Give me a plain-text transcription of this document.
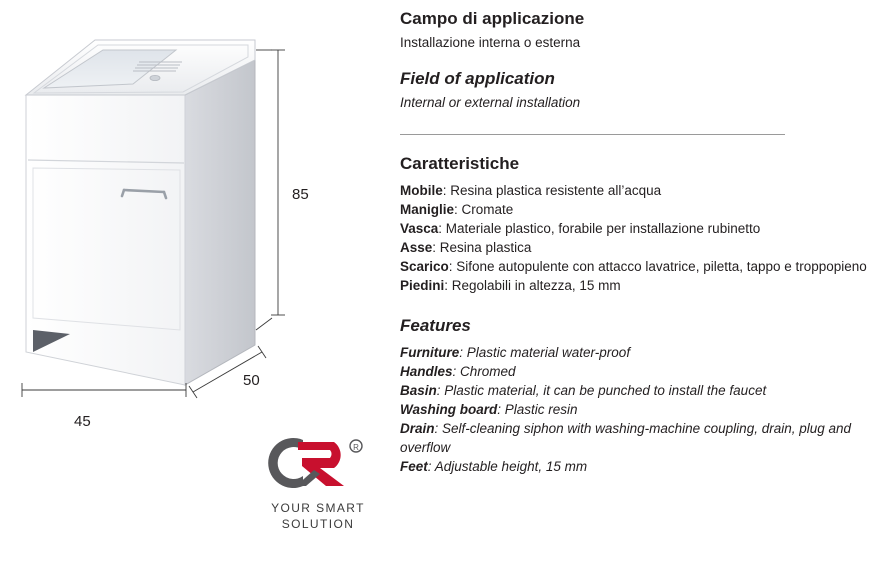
85
50
45
R
YOUR SMART
SOLUTION
Campo di applicazione

Installazione interna o esterna

Field of application

Internal or external installation

Caratteristiche
Mobile: Resina plastica resistente all’acqua
Maniglie: Cromate
Vasca: Materiale plastico, forabile per installazione rubinetto
Asse: Resina plastica
Scarico: Sifone autopulente con attacco lavatrice, piletta, tappo e troppopieno
Piedini: Regolabili in altezza, 15 mm
Features
Furniture: Plastic material water-proof
Handles: Chromed
Basin: Plastic material, it can be punched to install the faucet
Washing board: Plastic resin
Drain: Self-cleaning siphon with washing-machine coupling, drain, plug and overflow
Feet: Adjustable height, 15 mm
